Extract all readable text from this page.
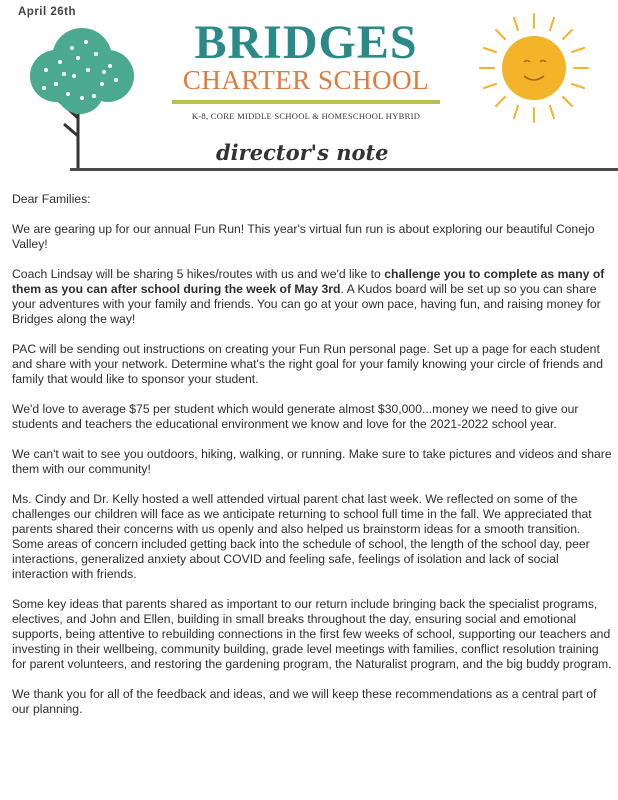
April 26th
BRIDGES
CHARTER SCHOOL
K-8, CORE MIDDLE SCHOOL & HOMESCHOOL HYBRID
director's note

Dear Families:

We are gearing up for our annual Fun Run! This year's virtual fun run is about exploring our beautiful Conejo Valley!

Coach Lindsay will be sharing 5 hikes/routes with us and we'd like to challenge you to complete as many of them as you can after school during the week of May 3rd. A Kudos board will be set up so you can share your adventures with your family and friends. You can go at your own pace, having fun, and raising money for Bridges along the way!

PAC will be sending out instructions on creating your Fun Run personal page. Set up a page for each student and share with your network. Determine what's the right goal for your family knowing your circle of friends and family that would like to sponsor your student.

We'd love to average $75 per student which would generate almost $30,000...money we need to give our students and teachers the educational environment we know and love for the 2021-2022 school year.

We can't wait to see you outdoors, hiking, walking, or running. Make sure to take pictures and videos and share them with our community!

Ms. Cindy and Dr. Kelly hosted a well attended virtual parent chat last week. We reflected on some of the challenges our children will face as we anticipate returning to school full time in the fall. We appreciated that parents shared their concerns with us openly and also helped us brainstorm ideas for a smooth transition. Some areas of concern included getting back into the schedule of school, the length of the school day, peer interactions, generalized anxiety about COVID and feeling safe, feelings of isolation and lack of social interaction with friends.

Some key ideas that parents shared as important to our return include bringing back the specialist programs, electives, and John and Ellen, building in small breaks throughout the day, ensuring social and emotional supports, being attentive to rebuilding connections in the first few weeks of school, supporting our teachers and investing in their wellbeing, community building, grade level meetings with families, conflict resolution training for parent volunteers, and restoring the gardening program, the Naturalist program, and the big buddy program.

We thank you for all of the feedback and ideas, and we will keep these recommendations as a central part of our planning.
